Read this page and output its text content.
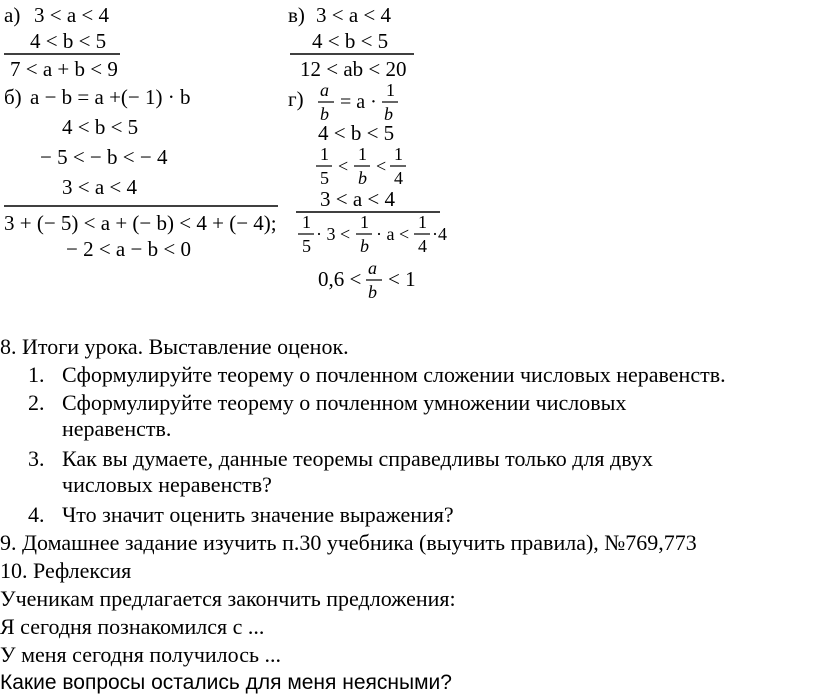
а) 3 < a < 4
4 < b < 5
7 < a + b < 9
б) a − b = a +(− 1) · b
4 < b < 5
− 5 < − b < − 4
3 < a < 4
3 + (− 5) < a + (− b) < 4 + (− 4);
− 2 < a − b < 0
в) 3 < a < 4
4 < b < 5
12 < ab < 20
г) a
b
= a ·
1
b
4 < b < 5
1
5
<
1
b
<
1
4
3 < a < 4
1
5
· 3 <
1
b
· a <
1
4
·4
0,6 < a
b
< 1
8. Итоги урока. Выставление оценок.
1. Сформулируйте теорему о почленном сложении числовых неравенств.
2. Сформулируйте теорему о почленном умножении числовых
неравенств.
3. Как вы думаете, данные теоремы справедливы только для двух
числовых неравенств?
4. Что значит оценить значение выражения?
9. Домашнее задание изучить п.30 учебника (выучить правила), №769,773
10. Рефлексия
Ученикам предлагается закончить предложения:
Я сегодня познакомился с ...
У меня сегодня получилось ...
Какие вопросы остались для меня неясными?
